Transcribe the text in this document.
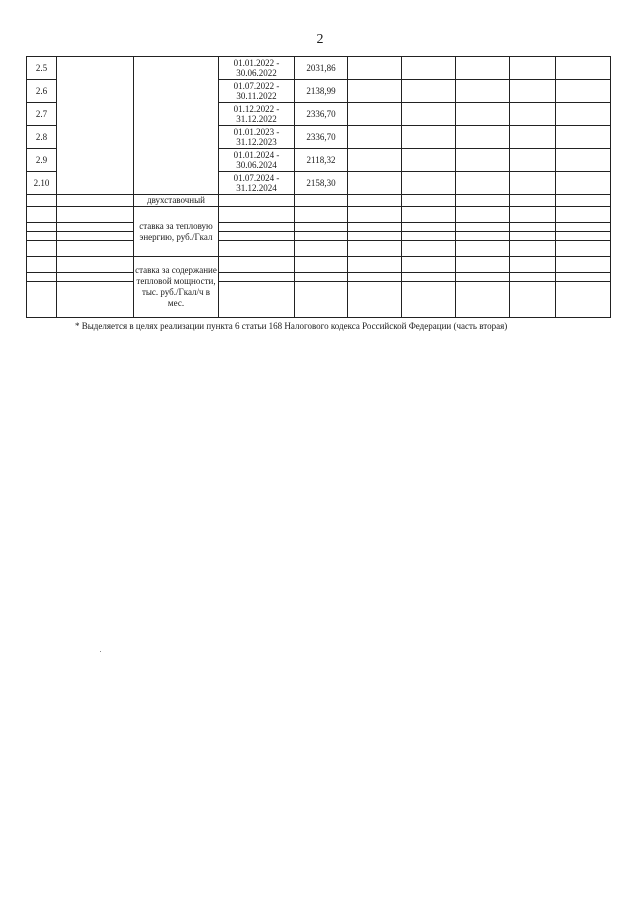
2
2.5			01.01.2022 - 30.06.2022	2031,86					
2.6			01.07.2022 - 30.11.2022	2138,99					
2.7			01.12.2022 - 31.12.2022	2336,70					
2.8			01.01.2023 - 31.12.2023	2336,70					
2.9			01.01.2024 - 30.06.2024	2118,32					
2.10			01.07.2024 - 31.12.2024	2158,30					
		двухставочный							
		ставка за тепловую энергию, руб./Гкал							

		ставка за содержание тепловой мощности, тыс. руб./Гкал/ч в мес.							

* Выделяется в целях реализации пункта 6 статьи 168 Налогового кодекса Российской Федерации (часть вторая)
